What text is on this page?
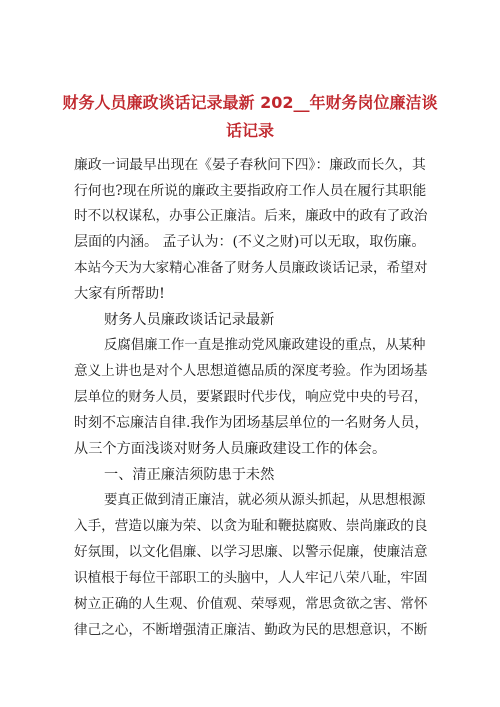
财务人员廉政谈话记录最新 202__年财务岗位廉洁谈
话记录
廉政一词最早出现在《晏子春秋问下四》：廉政而长久，其
行何也?现在所说的廉政主要指政府工作人员在履行其职能
时不以权谋私，办事公正廉洁。后来，廉政中的政有了政治
层面的内涵。 孟子认为：(不义之财)可以无取，取伤廉。
本站今天为大家精心准备了财务人员廉政谈话记录，希望对
大家有所帮助!
财务人员廉政谈话记录最新
反腐倡廉工作一直是推动党风廉政建设的重点，从某种
意义上讲也是对个人思想道德品质的深度考验。作为团场基
层单位的财务人员，要紧跟时代步伐，响应党中央的号召，
时刻不忘廉洁自律.我作为团场基层单位的一名财务人员，
从三个方面浅谈对财务人员廉政建设工作的体会。
一、清正廉洁须防患于未然
要真正做到清正廉洁，就必须从源头抓起，从思想根源
入手，营造以廉为荣、以贪为耻和鞭挞腐败、崇尚廉政的良
好氛围，以文化倡廉、以学习思廉、以警示促廉，使廉洁意
识植根于每位干部职工的头脑中，人人牢记八荣八耻，牢固
树立正确的人生观、价值观、荣辱观，常思贪欲之害、常怀
律己之心，不断增强清正廉洁、勤政为民的思想意识，不断
